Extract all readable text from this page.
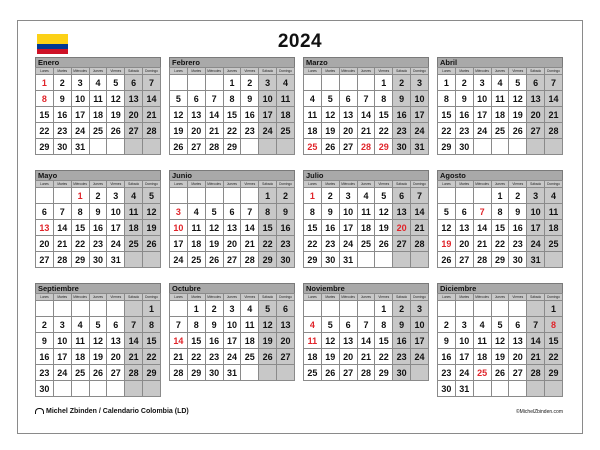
2024
Enero
Lunes	Martes	Miércoles	Jueves	Viernes	Sábado	Domingo
1	2	3	4	5	6	7
8	9	10	11	12	13	14
15	16	17	18	19	20	21
22	23	24	25	26	27	28
29	30	31				
Febrero
Lunes	Martes	Miércoles	Jueves	Viernes	Sábado	Domingo
			1	2	3	4
5	6	7	8	9	10	11
12	13	14	15	16	17	18
19	20	21	22	23	24	25
26	27	28	29			
Marzo
Lunes	Martes	Miércoles	Jueves	Viernes	Sábado	Domingo
				1	2	3
4	5	6	7	8	9	10
11	12	13	14	15	16	17
18	19	20	21	22	23	24
25	26	27	28	29	30	31
Abril
Lunes	Martes	Miércoles	Jueves	Viernes	Sábado	Domingo
1	2	3	4	5	6	7
8	9	10	11	12	13	14
15	16	17	18	19	20	21
22	23	24	25	26	27	28
29	30					
Mayo
Lunes	Martes	Miércoles	Jueves	Viernes	Sábado	Domingo
		1	2	3	4	5
6	7	8	9	10	11	12
13	14	15	16	17	18	19
20	21	22	23	24	25	26
27	28	29	30	31		
Junio
Lunes	Martes	Miércoles	Jueves	Viernes	Sábado	Domingo
					1	2
3	4	5	6	7	8	9
10	11	12	13	14	15	16
17	18	19	20	21	22	23
24	25	26	27	28	29	30
Julio
Lunes	Martes	Miércoles	Jueves	Viernes	Sábado	Domingo
1	2	3	4	5	6	7
8	9	10	11	12	13	14
15	16	17	18	19	20	21
22	23	24	25	26	27	28
29	30	31				
Agosto
Lunes	Martes	Miércoles	Jueves	Viernes	Sábado	Domingo
			1	2	3	4
5	6	7	8	9	10	11
12	13	14	15	16	17	18
19	20	21	22	23	24	25
26	27	28	29	30	31	
Septiembre
Lunes	Martes	Miércoles	Jueves	Viernes	Sábado	Domingo
						1
2	3	4	5	6	7	8
9	10	11	12	13	14	15
16	17	18	19	20	21	22
23	24	25	26	27	28	29
30						
Octubre
Lunes	Martes	Miércoles	Jueves	Viernes	Sábado	Domingo
	1	2	3	4	5	6
7	8	9	10	11	12	13
14	15	16	17	18	19	20
21	22	23	24	25	26	27
28	29	30	31			
Noviembre
Lunes	Martes	Miércoles	Jueves	Viernes	Sábado	Domingo
				1	2	3
4	5	6	7	8	9	10
11	12	13	14	15	16	17
18	19	20	21	22	23	24
25	26	27	28	29	30	
Diciembre
Lunes	Martes	Miércoles	Jueves	Viernes	Sábado	Domingo
						1
2	3	4	5	6	7	8
9	10	11	12	13	14	15
16	17	18	19	20	21	22
23	24	25	26	27	28	29
30	31					
Michel Zbinden / Calendario Colombia (LD)	©MichelZbinden.com
